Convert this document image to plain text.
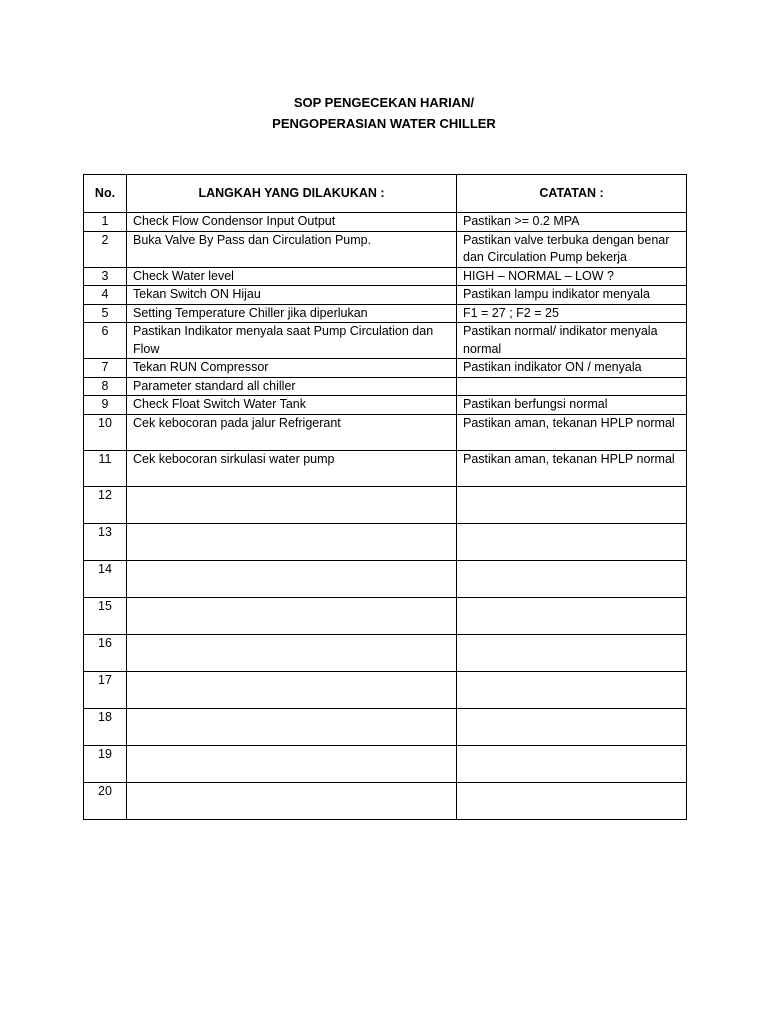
SOP PENGECEKAN HARIAN/
PENGOPERASIAN WATER CHILLER
No.	LANGKAH YANG DILAKUKAN :	CATATAN :
1	Check Flow Condensor Input Output	Pastikan >= 0.2 MPA
2	Buka Valve By Pass dan Circulation Pump.	Pastikan valve terbuka dengan benar dan Circulation Pump bekerja
3	Check Water level	HIGH – NORMAL – LOW ?
4	Tekan Switch ON Hijau	Pastikan lampu indikator menyala
5	Setting Temperature Chiller jika diperlukan	F1 = 27 ; F2 = 25
6	Pastikan Indikator menyala saat Pump Circulation dan Flow	Pastikan normal/ indikator menyala normal
7	Tekan RUN Compressor	Pastikan indikator ON / menyala
8	Parameter standard all chiller	
9	Check Float Switch Water Tank	Pastikan berfungsi normal
10	Cek kebocoran pada jalur Refrigerant	Pastikan aman, tekanan HPLP normal
11	Cek kebocoran sirkulasi water pump	Pastikan aman, tekanan HPLP normal
12		
13		
14		
15		
16		
17		
18		
19		
20		
